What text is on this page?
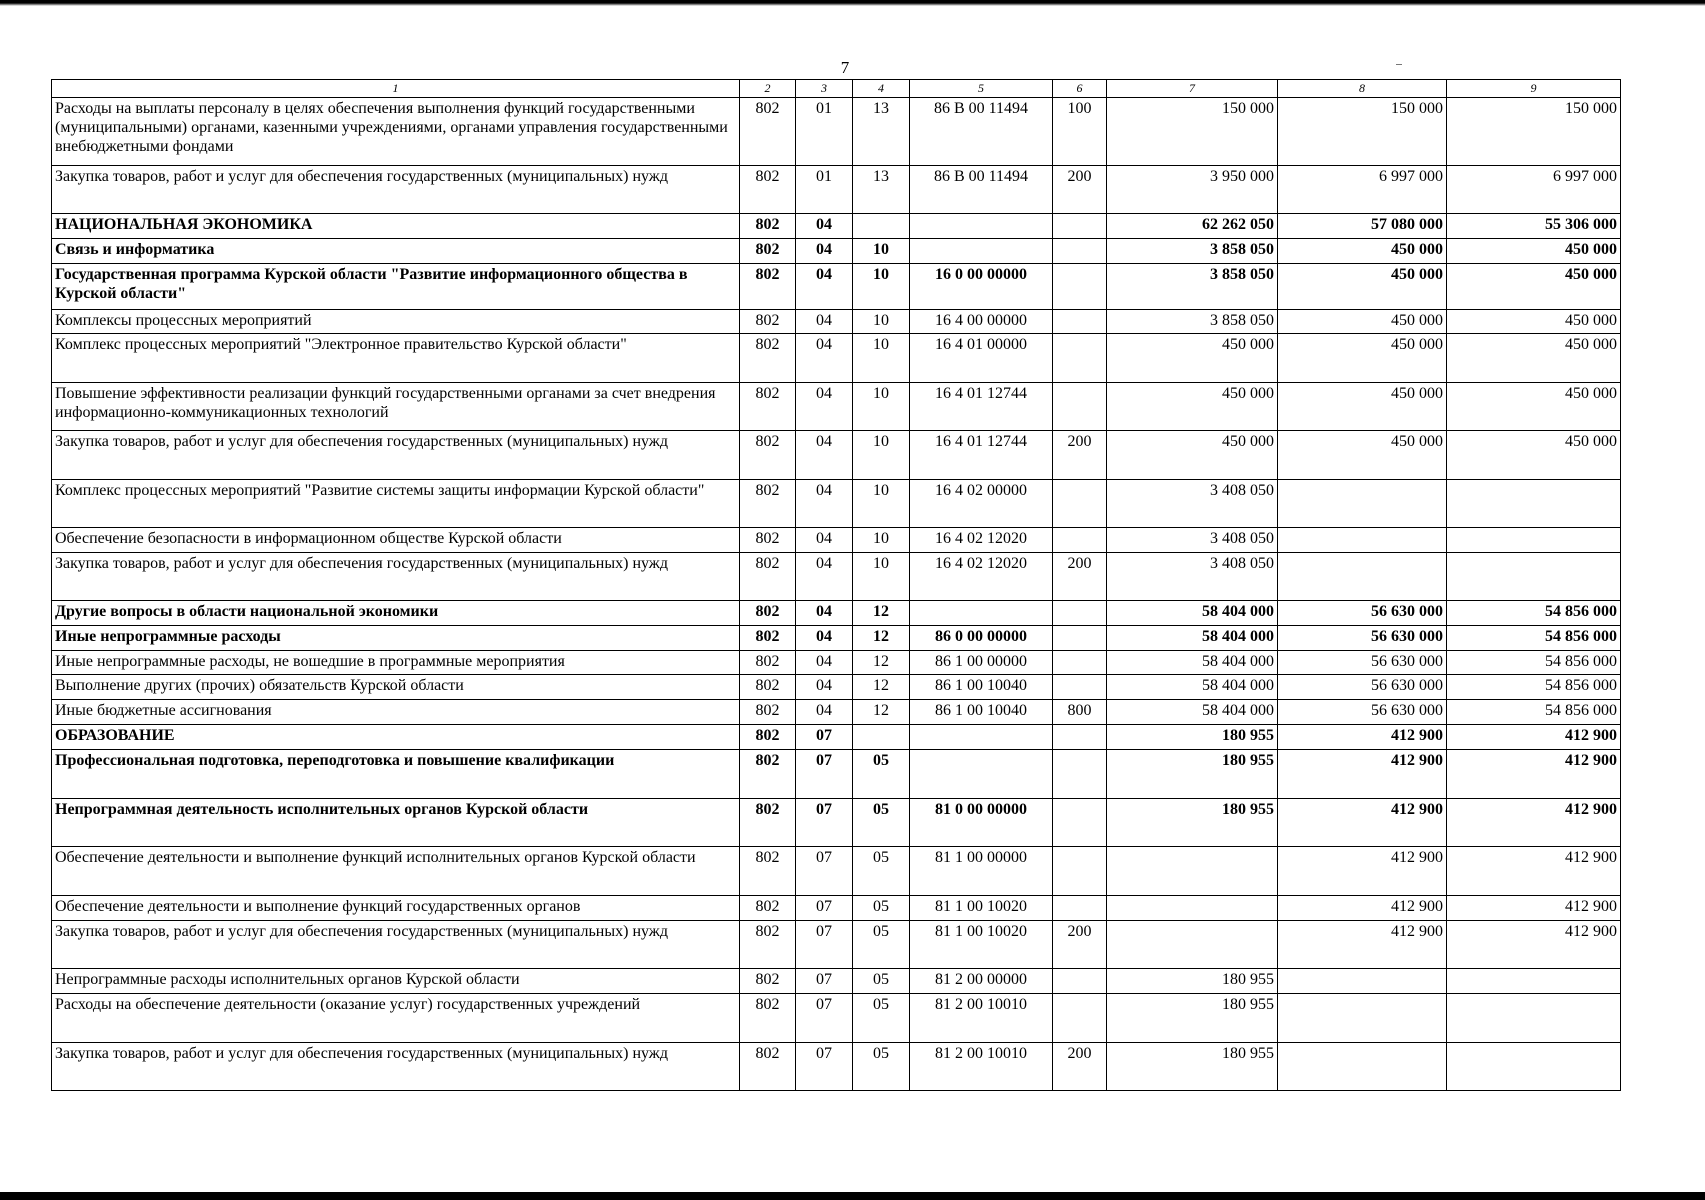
7
1	2	3	4	5	6	7	8	9
Расходы на выплаты персоналу в целях обеспечения выполнения функций государственными (муниципальными) органами, казенными учреждениями, органами управления государственными внебюджетными фондами	802	01	13	86 В 00 11494	100	150 000	150 000	150 000
Закупка товаров, работ и услуг для обеспечения государственных (муниципальных) нужд	802	01	13	86 В 00 11494	200	3 950 000	6 997 000	6 997 000
НАЦИОНАЛЬНАЯ ЭКОНОМИКА	802	04				62 262 050	57 080 000	55 306 000
Связь и информатика	802	04	10			3 858 050	450 000	450 000
Государственная программа Курской области "Развитие информационного общества в Курской области"	802	04	10	16 0 00 00000		3 858 050	450 000	450 000
Комплексы процессных мероприятий	802	04	10	16 4 00 00000		3 858 050	450 000	450 000
Комплекс процессных мероприятий "Электронное правительство Курской области"	802	04	10	16 4 01 00000		450 000	450 000	450 000
Повышение эффективности реализации функций государственными органами за счет внедрения информационно-коммуникационных технологий	802	04	10	16 4 01 12744		450 000	450 000	450 000
Закупка товаров, работ и услуг для обеспечения государственных (муниципальных) нужд	802	04	10	16 4 01 12744	200	450 000	450 000	450 000
Комплекс процессных мероприятий "Развитие системы защиты информации Курской области"	802	04	10	16 4 02 00000		3 408 050		
Обеспечение безопасности в информационном обществе Курской области	802	04	10	16 4 02 12020		3 408 050		
Закупка товаров, работ и услуг для обеспечения государственных (муниципальных) нужд	802	04	10	16 4 02 12020	200	3 408 050		
Другие вопросы в области национальной экономики	802	04	12			58 404 000	56 630 000	54 856 000
Иные непрограммные расходы	802	04	12	86 0 00 00000		58 404 000	56 630 000	54 856 000
Иные непрограммные расходы, не вошедшие в программные мероприятия	802	04	12	86 1 00 00000		58 404 000	56 630 000	54 856 000
Выполнение других (прочих) обязательств Курской области	802	04	12	86 1 00 10040		58 404 000	56 630 000	54 856 000
Иные бюджетные ассигнования	802	04	12	86 1 00 10040	800	58 404 000	56 630 000	54 856 000
ОБРАЗОВАНИЕ	802	07				180 955	412 900	412 900
Профессиональная подготовка, переподготовка и повышение квалификации	802	07	05			180 955	412 900	412 900
Непрограммная деятельность исполнительных органов Курской области	802	07	05	81 0 00 00000		180 955	412 900	412 900
Обеспечение деятельности и выполнение функций исполнительных органов Курской области	802	07	05	81 1 00 00000			412 900	412 900
Обеспечение деятельности и выполнение функций государственных органов	802	07	05	81 1 00 10020			412 900	412 900
Закупка товаров, работ и услуг для обеспечения государственных (муниципальных) нужд	802	07	05	81 1 00 10020	200		412 900	412 900
Непрограммные расходы исполнительных органов Курской области	802	07	05	81 2 00 00000		180 955		
Расходы на обеспечение деятельности (оказание услуг) государственных учреждений	802	07	05	81 2 00 10010		180 955		
Закупка товаров, работ и услуг для обеспечения государственных (муниципальных) нужд	802	07	05	81 2 00 10010	200	180 955		
